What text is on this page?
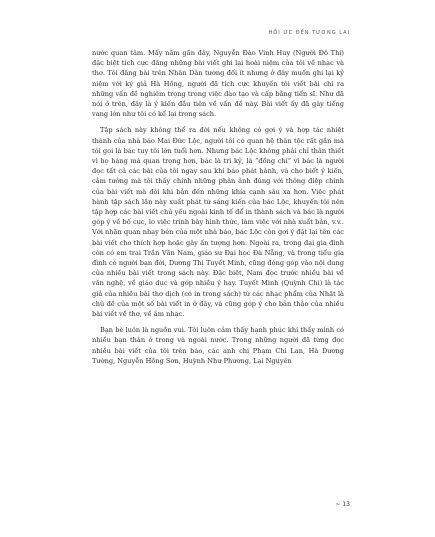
HỒI ỨC ĐẾN TƯƠNG LAI

nước quan tâm. Mấy năm gần đây, Nguyễn Đào Vinh Huy (Người Đô Thị) đặc biệt tích cực đăng những bài viết ghi lại hoài niệm của tôi về nhạc và thơ. Tôi đăng bài trên Nhân Dân tương đối ít nhưng ở đây muốn ghi lại kỷ niệm với ký giả Hà Hồng, người đã tích cực khuyến tôi viết bài chí ra những vấn đề nghiêm trọng trong việc đào tạo và cấp bằng tiến sĩ. Như đã nói ở trên, đây là ý kiến đầu tiên về vấn đề này. Bài viết ấy đã gây tiếng vang lớn như tôi có kể lại trong sách.

Tập sách này không thể ra đời nếu không có gợi ý và hợp tác nhiệt thành của nhà báo Mai Đức Lộc, người tôi có quan hệ thân tộc rất gần mà tôi gọi là bác tuy tôi lớn tuổi hơn. Nhưng bác Lộc không phải chỉ thân thiết vì họ hàng mà quan trọng hơn, bác là tri kỷ, là “đồng chí” vì bác là người đọc tất cả các bài của tôi ngay sau khi báo phát hành, và cho biết ý kiến, cảm tưởng mà tôi thấy chính những phản ảnh đúng với thông điệp chính của bài viết mà đôi khi bản đến những khía cạnh sâu xa hơn. Việc phát hành tập sách lần này xuất phát từ sáng kiến của bác Lộc, khuyến tôi nên tập hợp các bài viết chủ yếu ngoài kinh tế để in thành sách và bác là người góp ý về bố cục, lo việc trình bày hình thức, làm việc với nhà xuất bản, v.v.. Với nhãn quan nhạy bén của một nhà báo, bác Lộc còn gợi ý đặt lại tên các bài viết cho thích hợp hoặc gây ấn tượng hơn. Ngoài ra, trong đại gia đình còn có em trai Trần Văn Nam, giáo sư Đại học Đà Nẵng, và trong tiểu gia đình có người bạn đời, Dương Thị Tuyết Minh, cũng đóng góp vào nội dung của nhiều bài viết trong sách này. Đặc biệt, Nam đọc trước nhiều bài về văn nghệ, về giáo dục và góp nhiều ý hay. Tuyết Minh (Quỳnh Chi) là tác giả của nhiều bài thơ dịch (có in trong sách) từ các nhạc phẩm của Nhật là chủ đề của một số bài viết in ở đây, và cũng góp ý cho bản thảo của nhiều bài viết về thơ, về âm nhạc.

Bạn bè luôn là nguồn vui. Tôi luôn cảm thấy hạnh phúc khi thấy mình có nhiều bạn thân ở trong và ngoài nước. Trong những người đã từng đọc nhiều bài viết của tôi trên báo, các anh chị Phạm Chi Lan, Hà Dương Tường, Nguyễn Hồng Sơn, Huỳnh Như Phương, Lại Nguyên

~ 13
